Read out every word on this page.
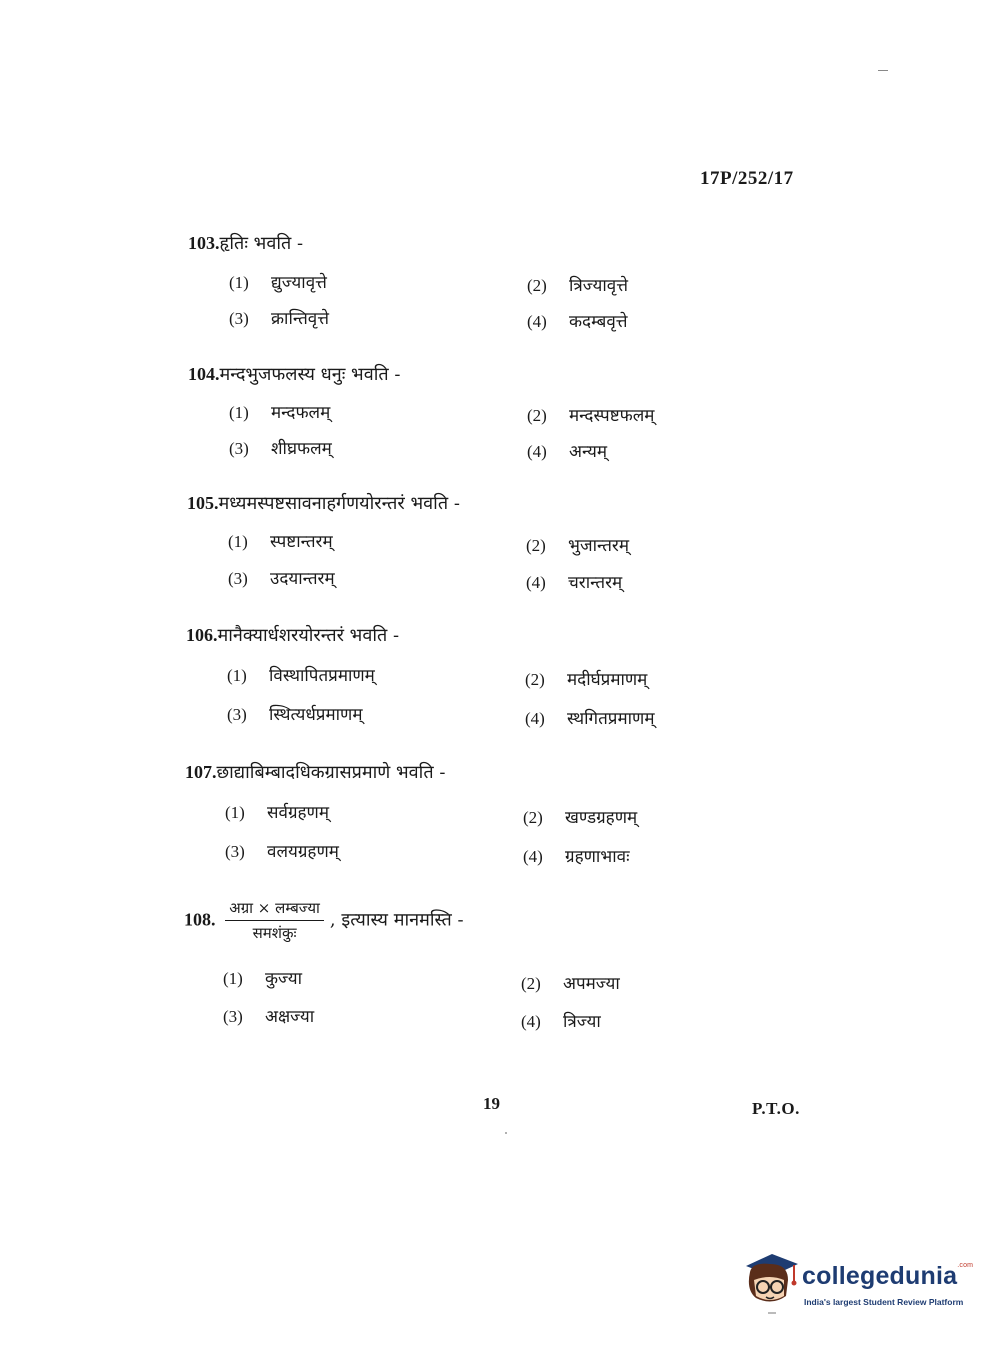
17P/252/17
103.हृतिः भवति -
(1) द्युज्यावृत्ते	(2) त्रिज्यावृत्ते
(3) क्रान्तिवृत्ते	(4) कदम्बवृत्ते
104.मन्दभुजफलस्य धनुः भवति -
(1) मन्दफलम्	(2) मन्दस्पष्टफलम्
(3) शीघ्रफलम्	(4) अन्यम्
105.मध्यमस्पष्टसावनाहर्गणयोरन्तरं भवति -
(1) स्पष्टान्तरम्	(2) भुजान्तरम्
(3) उदयान्तरम्	(4) चरान्तरम्
106.मानैक्यार्धशरयोरन्तरं भवति -
(1) विस्थापितप्रमाणम्	(2) मदीर्घप्रमाणम्
(3) स्थित्यर्धप्रमाणम्	(4) स्थगितप्रमाणम्
107.छाद्याबिम्बादधिकग्रासप्रमाणे भवति -
(1) सर्वग्रहणम्	(2) खण्डग्रहणम्
(3) वलयग्रहणम्	(4) ग्रहणाभावः
108. $\frac{\text{अग्रा × लम्बज्या}}{\text{समशंकुः}}$ , इत्यास्य मानमस्ति -
(1) कुज्या	(2) अपमज्या
(3) अक्षज्या	(4) त्रिज्या
19	P.T.O.
collegedunia$^{.com}$
India's largest Student Review Platform
